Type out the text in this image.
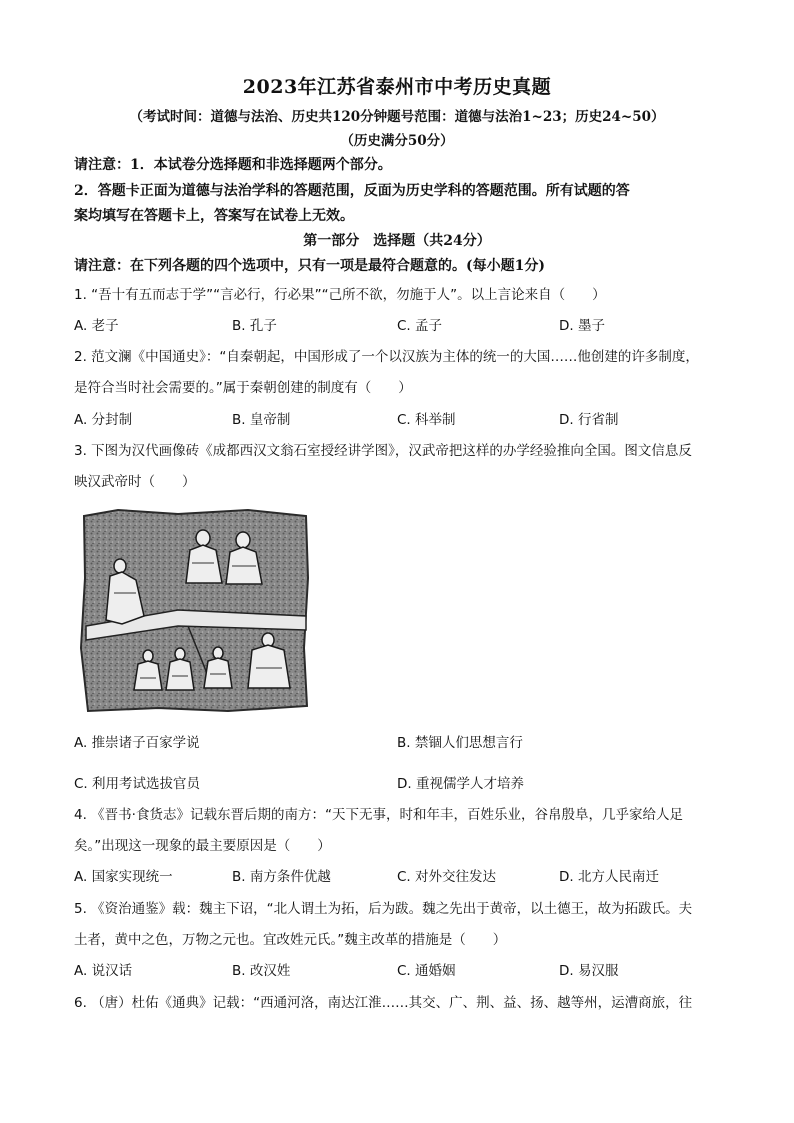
2023年江苏省泰州市中考历史真题
（考试时间：道德与法治、历史共120分钟题号范围：道德与法治1~23；历史24~50）
（历史满分50分）
请注意：1．本试卷分选择题和非选择题两个部分。
2．答题卡正面为道德与法治学科的答题范围，反面为历史学科的答题范围。所有试题的答
案均填写在答题卡上，答案写在试卷上无效。
第一部分　选择题（共24分）
请注意：在下列各题的四个选项中，只有一项是最符合题意的。(每小题1分)
1. “吾十有五而志于学”“言必行，行必果”“己所不欲，勿施于人”。以上言论来自（　　）
A. 老子	B. 孔子	C. 孟子	D. 墨子
2. 范文澜《中国通史》：“自秦朝起，中国形成了一个以汉族为主体的统一的大国……他创建的许多制度，
是符合当时社会需要的。”属于秦朝创建的制度有（　　）
A. 分封制	B. 皇帝制	C. 科举制	D. 行省制
3. 下图为汉代画像砖《成都西汉文翁石室授经讲学图》，汉武帝把这样的办学经验推向全国。图文信息反
映汉武帝时（　　）
A. 推崇诸子百家学说	B. 禁锢人们思想言行
C. 利用考试选拔官员	D. 重视儒学人才培养
4. 《晋书·食货志》记载东晋后期的南方：“天下无事，时和年丰，百姓乐业，谷帛殷阜，几乎家给人足
矣。”出现这一现象的最主要原因是（　　）
A. 国家实现统一	B. 南方条件优越	C. 对外交往发达	D. 北方人民南迁
5. 《资治通鉴》载：魏主下诏，“北人谓土为拓，后为跋。魏之先出于黄帝，以土德王，故为拓跋氏。夫
土者，黄中之色，万物之元也。宜改姓元氏。”魏主改革的措施是（　　）
A. 说汉话	B. 改汉姓	C. 通婚姻	D. 易汉服
6. （唐）杜佑《通典》记载：“西通河洛，南达江淮……其交、广、荆、益、扬、越等州，运漕商旅，往
